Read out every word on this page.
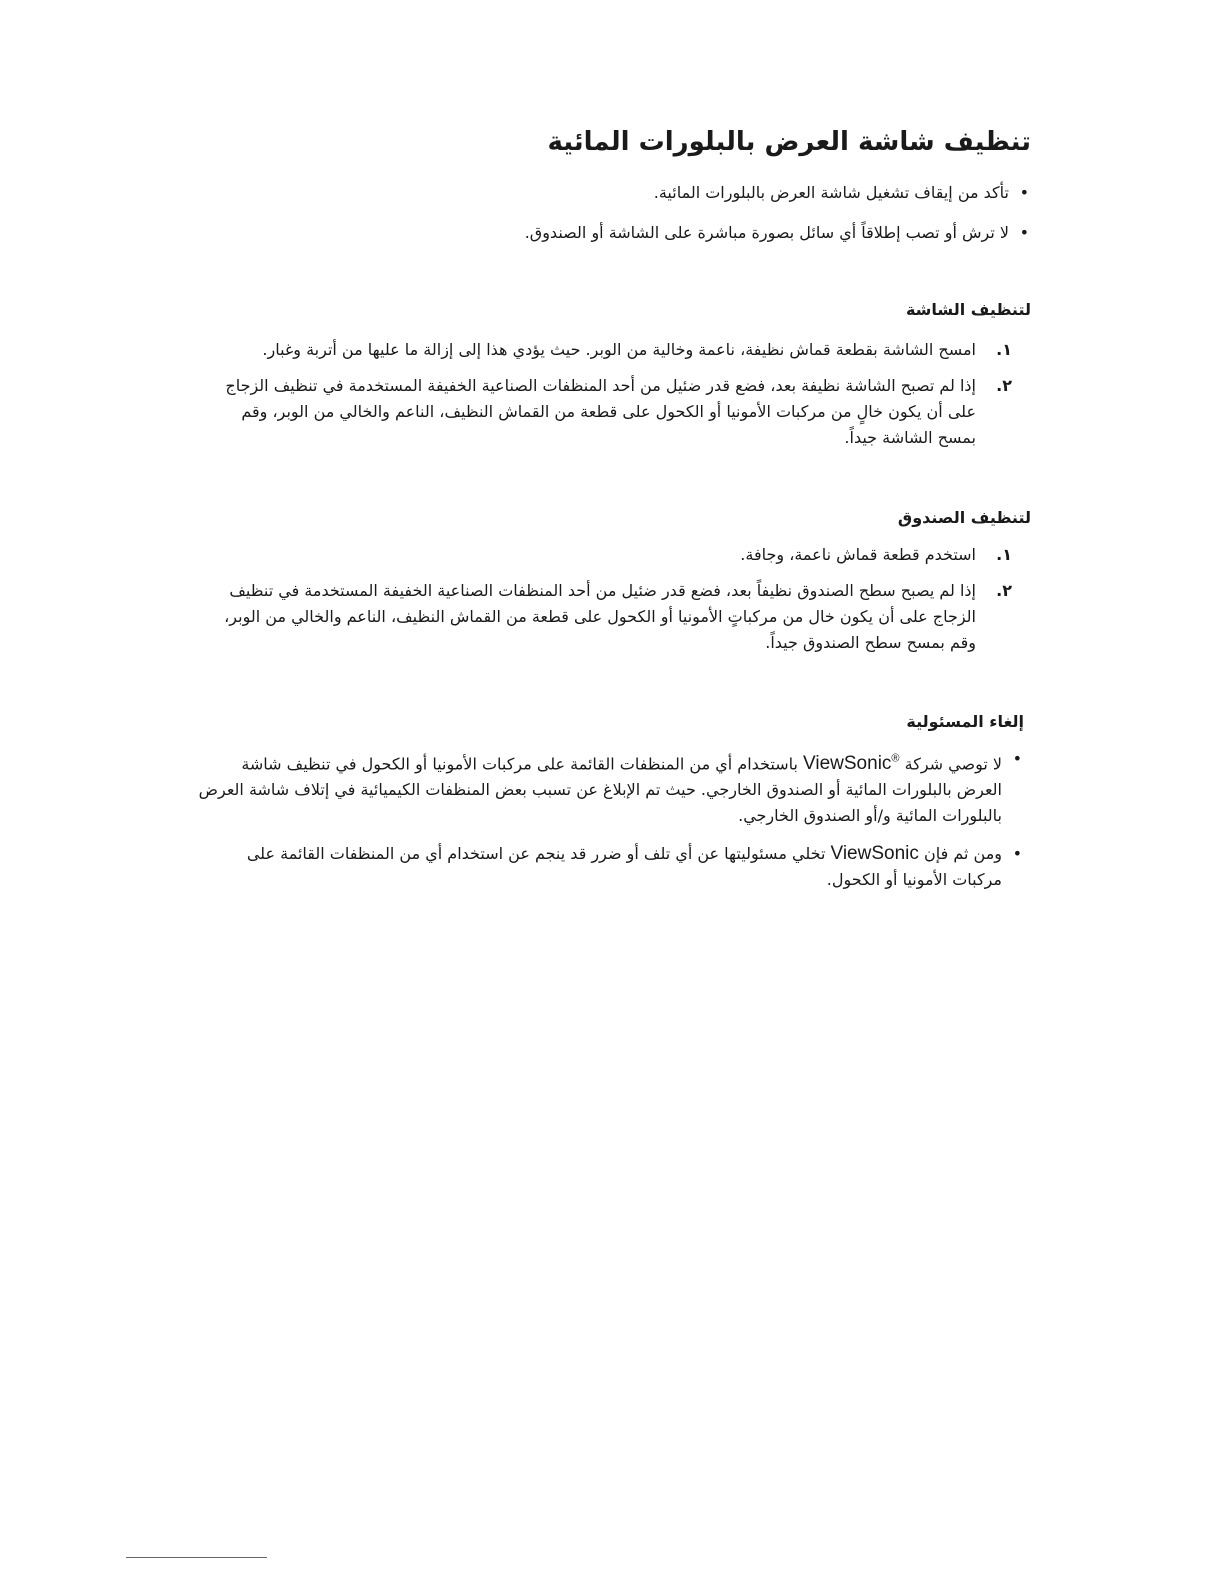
تنظيف شاشة العرض بالبلورات المائية
•
تأكد من إيقاف تشغيل شاشة العرض بالبلورات المائية.
•
لا ترش أو تصب إطلاقاً أي سائل بصورة مباشرة على الشاشة أو الصندوق.
لتنظيف الشاشة
١.
امسح الشاشة بقطعة قماش نظيفة، ناعمة وخالية من الوبر. حيث يؤدي هذا إلى إزالة ما عليها من أتربة وغبار.
٢.
إذا لم تصبح الشاشة نظيفة بعد، فضع قدر ضئيل من أحد المنظفات الصناعية الخفيفة المستخدمة في تنظيف الزجاج على أن يكون خالٍ من مركبات الأمونيا أو الكحول على قطعة من القماش النظيف، الناعم والخالي من الوبر، وقم بمسح الشاشة جيداً.
لتنظيف الصندوق
١.
استخدم قطعة قماش ناعمة، وجافة.
٢.
إذا لم يصبح سطح الصندوق نظيفاً بعد، فضع قدر ضئيل من أحد المنظفات الصناعية الخفيفة المستخدمة في تنظيف الزجاج على أن يكون خال من مركباتٍ الأمونيا أو الكحول على قطعة من القماش النظيف، الناعم والخالي من الوبر، وقم بمسح سطح الصندوق جيداً.
إلغاء المسئولية
•
لا توصي شركة ViewSonic® باستخدام أي من المنظفات القائمة على مركبات الأمونيا أو الكحول في تنظيف شاشة العرض بالبلورات المائية أو الصندوق الخارجي. حيث تم الإبلاغ عن تسبب بعض المنظفات الكيميائية في إتلاف شاشة العرض بالبلورات المائية و/أو الصندوق الخارجي.
•
ومن ثم فإن ViewSonic تخلي مسئوليتها عن أي تلف أو ضرر قد ينجم عن استخدام أي من المنظفات القائمة على مركبات الأمونيا أو الكحول.
